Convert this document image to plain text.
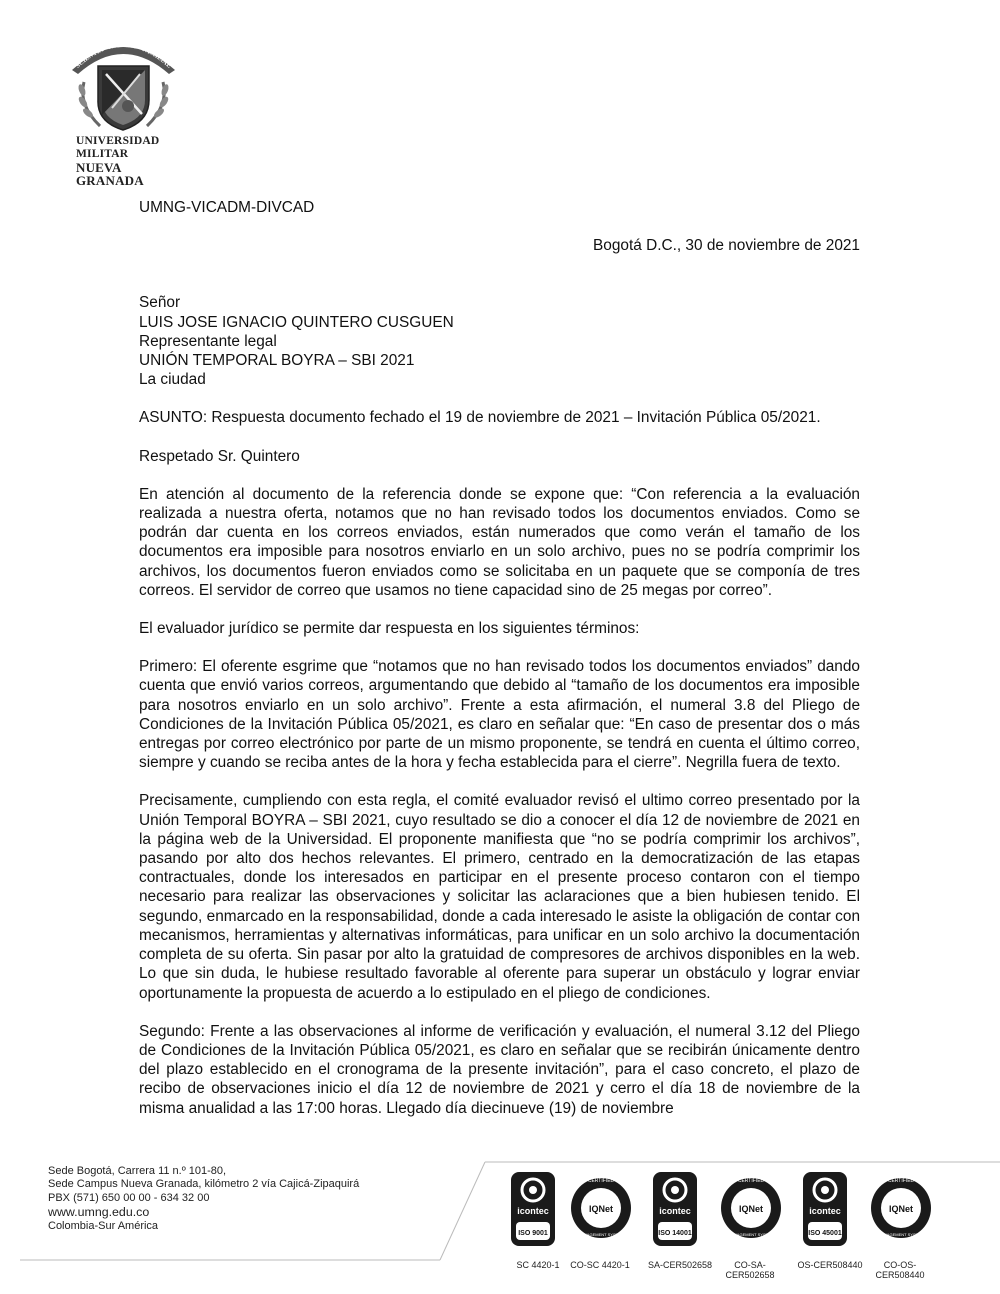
SCIENTIA · PATRIAE · FAMILIAE
UNIVERSIDAD MILITAR
NUEVA GRANADA

UMNG-VICADM-DIVCAD

Bogotá D.C., 30 de noviembre de 2021

Señor

LUIS JOSE IGNACIO QUINTERO CUSGUEN

Representante legal

UNIÓN TEMPORAL BOYRA – SBI 2021

La ciudad

ASUNTO: Respuesta documento fechado el 19 de noviembre de 2021 – Invitación Pública 05/2021.

Respetado Sr. Quintero

En atención al documento de la referencia donde se expone que: “Con referencia a la evaluación realizada a nuestra oferta, notamos que no han revisado todos los documentos enviados. Como se podrán dar cuenta en los correos enviados, están numerados que como verán el tamaño de los documentos era imposible para nosotros enviarlo en un solo archivo, pues no se podría comprimir los archivos, los documentos fueron enviados como se solicitaba en un paquete que se componía de tres correos. El servidor de correo que usamos no tiene capacidad sino de 25 megas por correo”.

El evaluador jurídico se permite dar respuesta en los siguientes términos:

Primero: El oferente esgrime que “notamos que no han revisado todos los documentos enviados” dando cuenta que envió varios correos, argumentando que debido al “tamaño de los documentos era imposible para nosotros enviarlo en un solo archivo”. Frente a esta afirmación, el numeral 3.8 del Pliego de Condiciones de la Invitación Pública 05/2021, es claro en señalar que: “En caso de presentar dos o más entregas por correo electrónico por parte de un mismo proponente, se tendrá en cuenta el último correo, siempre y cuando se reciba antes de la hora y fecha establecida para el cierre”. Negrilla fuera de texto.

Precisamente, cumpliendo con esta regla, el comité evaluador revisó el ultimo correo presentado por la Unión Temporal BOYRA – SBI 2021, cuyo resultado se dio a conocer el día 12 de noviembre de 2021 en la página web de la Universidad. El proponente manifiesta que “no se podría comprimir los archivos”, pasando por alto dos hechos relevantes. El primero, centrado en la democratización de las etapas contractuales, donde los interesados en participar en el presente proceso contaron con el tiempo necesario para realizar las observaciones y solicitar las aclaraciones que a bien hubiesen tenido. El segundo, enmarcado en la responsabilidad, donde a cada interesado le asiste la obligación de contar con mecanismos, herramientas y alternativas informáticas, para unificar en un solo archivo la documentación completa de su oferta. Sin pasar por alto la gratuidad de compresores de archivos disponibles en la web. Lo que sin duda, le hubiese resultado favorable al oferente para superar un obstáculo y lograr enviar oportunamente la propuesta de acuerdo a lo estipulado en el pliego de condiciones.

Segundo: Frente a las observaciones al informe de verificación y evaluación, el numeral 3.12 del Pliego de Condiciones de la Invitación Pública 05/2021, es claro en señalar que se recibirán únicamente dentro del plazo establecido en el cronograma de la presente invitación”, para el caso concreto, el plazo de recibo de observaciones inicio el día 12 de noviembre de 2021 y cerro el día 18 de noviembre de la misma anualidad a las 17:00 horas. Llegado día diecinueve (19) de noviembre

Sede Bogotá, Carrera 11 n.º 101-80,
Sede Campus Nueva Granada, kilómetro 2 vía Cajicá-Zipaquirá
PBX (571) 650 00 00 - 634 32 00
www.umng.edu.co
Colombia-Sur América
icontec
ISO 9001
SC 4420-1
CERTIFIED
IQNet
MANAGEMENT SYSTEM
CO-SC 4420-1
icontec
ISO 14001
SA-CER502658
CERTIFIED
IQNet
MANAGEMENT SYSTEM
CO-SA-CER502658
icontec
ISO 45001
OS-CER508440
CERTIFIED
IQNet
MANAGEMENT SYSTEM
CO-OS-CER508440
